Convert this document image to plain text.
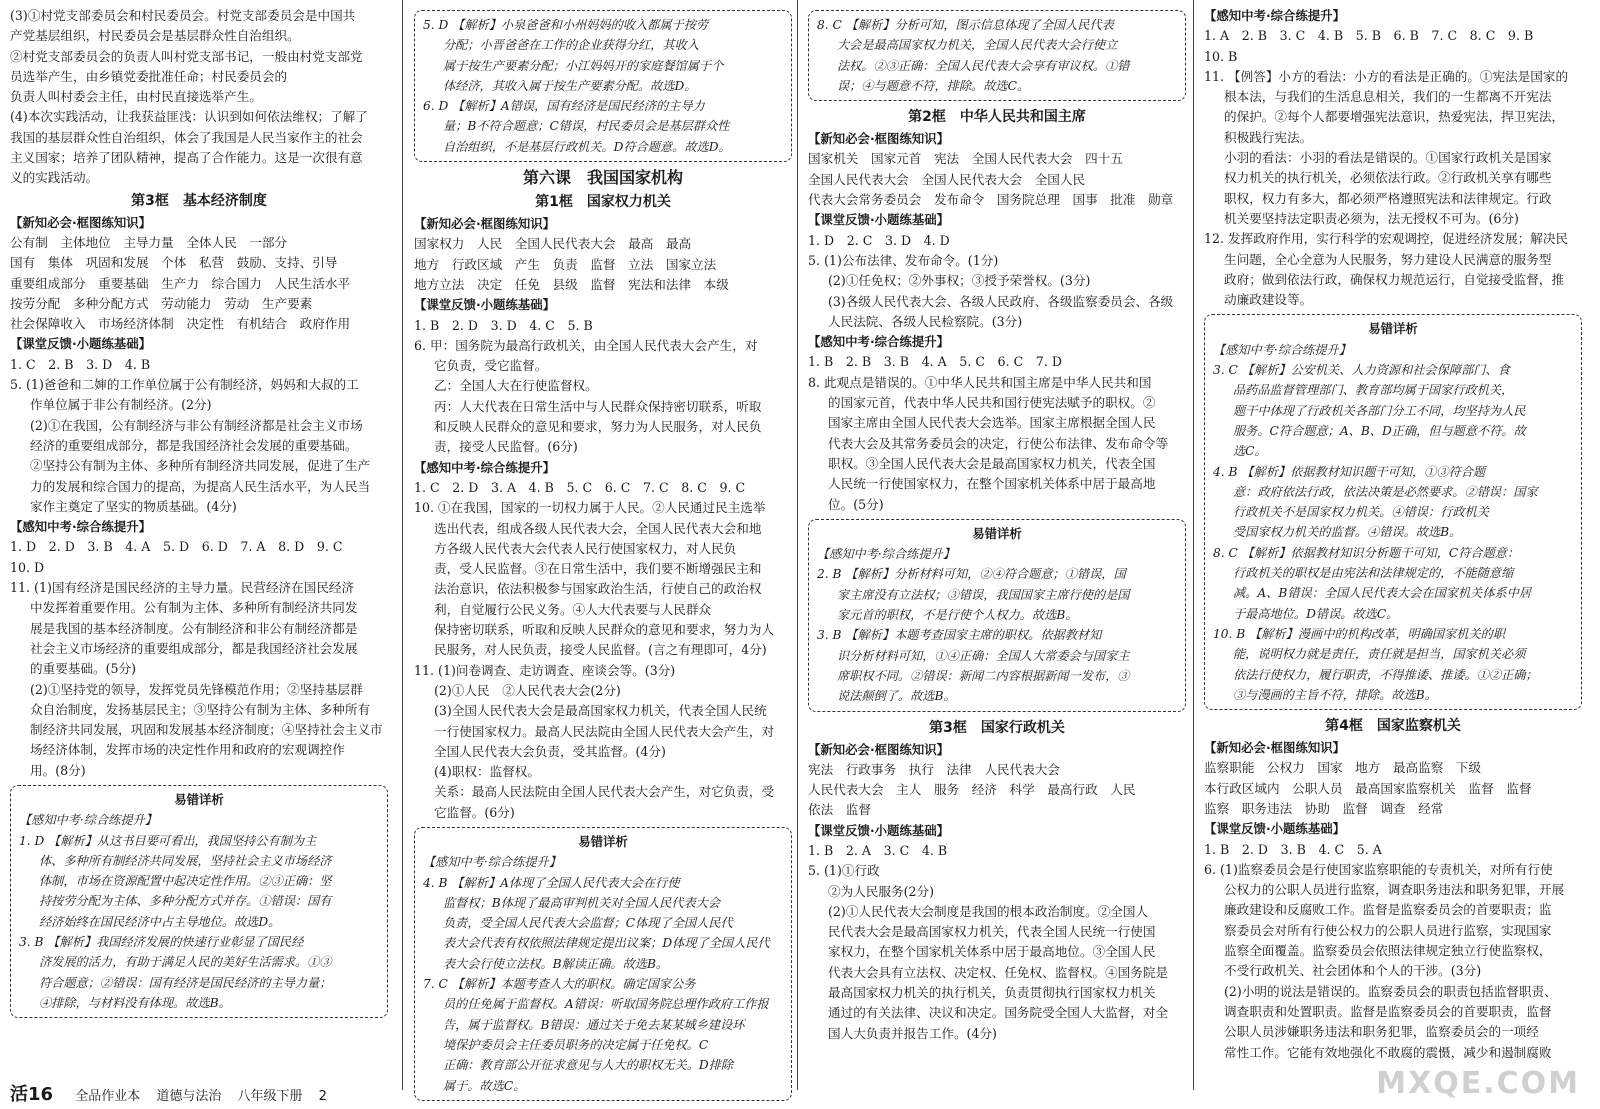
(3)①村党支部委员会和村民委员会。村党支部委员会是中国共
产党基层组织，村民委员会是基层群众性自治组织。
②村党支部委员会的负责人叫村党支部书记，一般由村党支部党
员选举产生，由乡镇党委批准任命；村民委员会的
负责人叫村委会主任，由村民直接选举产生。
(4)本次实践活动，让我获益匪浅：认识到如何依法维权；了解了
我国的基层群众性自治组织，体会了我国是人民当家作主的社会
主义国家；培养了团队精神，提高了合作能力。这是一次很有意
义的实践活动。
第3框　基本经济制度
【新知必会·框图练知识】
公有制　主体地位　主导力量　全体人民　一部分
国有　集体　巩固和发展　个体　私营　鼓励、支持、引导
重要组成部分　重要基础　生产力　综合国力　人民生活水平
按劳分配　多种分配方式　劳动能力　劳动　生产要素
社会保障收入　市场经济体制　决定性　有机结合　政府作用
【课堂反馈·小题练基础】
1. C　2. B　3. D　4. B
5. (1)爸爸和二婶的工作单位属于公有制经济，妈妈和大叔的工
作单位属于非公有制经济。(2分)
(2)①在我国，公有制经济与非公有制经济都是社会主义市场
经济的重要组成部分，都是我国经济社会发展的重要基础。
②坚持公有制为主体、多种所有制经济共同发展，促进了生产
力的发展和综合国力的提高，为提高人民生活水平，为人民当
家作主奠定了坚实的物质基础。(4分)
【感知中考·综合练提升】
1. D　2. D　3. B　4. A　5. D　6. D　7. A　8. D　9. C
10. D
11. (1)国有经济是国民经济的主导力量。民营经济在国民经济
中发挥着重要作用。公有制为主体、多种所有制经济共同发
展是我国的基本经济制度。公有制经济和非公有制经济都是
社会主义市场经济的重要组成部分，都是我国经济社会发展
的重要基础。(5分)
(2)①坚持党的领导，发挥党员先锋模范作用；②坚持基层群
众自治制度，发扬基层民主；③坚持公有制为主体、多种所有
制经济共同发展，巩固和发展基本经济制度；④坚持社会主义市
场经济体制，发挥市场的决定性作用和政府的宏观调控作
用。(8分)
易错详析
【感知中考·综合练提升】
1. D 【解析】从这书目要可看出，我国坚持公有制为主
体、多种所有制经济共同发展，坚持社会主义市场经济
体制，市场在资源配置中起决定性作用。②③正确：坚
持按劳分配为主体、多种分配方式并存。①错误：国有
经济始终在国民经济中占主导地位。故选D。
3. B 【解析】我国经济发展的快速行业彰显了国民经
济发展的活力，有助于满足人民的美好生活需求。①③
符合题意；②错误：国有经济是国民经济的主导力量；
④排除，与材料没有体现。故选B。
5. D 【解析】小泉爸爸和小州妈妈的收入都属于按劳
分配；小晋爸爸在工作的企业获得分红，其收入
属于按生产要素分配；小江妈妈开的家庭餐馆属于个
体经济，其收入属于按生产要素分配。故选D。
6. D 【解析】A错误，国有经济是国民经济的主导力
量；B不符合题意；C错误，村民委员会是基层群众性
自治组织，不是基层行政机关。D符合题意。故选D。
第六课　我国国家机构
第1框　国家权力机关
【新知必会·框图练知识】
国家权力　人民　全国人民代表大会　最高　最高
地方　行政区域　产生　负责　监督　立法　国家立法
地方立法　决定　任免　县级　监督　宪法和法律　本级
【课堂反馈·小题练基础】
1. B　2. D　3. D　4. C　5. B
6. 甲：国务院为最高行政机关，由全国人民代表大会产生，对
它负责，受它监督。
乙：全国人大在行使监督权。
丙：人大代表在日常生活中与人民群众保持密切联系，听取
和反映人民群众的意见和要求，努力为人民服务，对人民负
责，接受人民监督。(6分)
【感知中考·综合练提升】
1. C　2. D　3. A　4. B　5. C　6. C　7. C　8. C　9. C
10. ①在我国，国家的一切权力属于人民。②人民通过民主选举
选出代表，组成各级人民代表大会，全国人民代表大会和地
方各级人民代表大会代表人民行使国家权力，对人民负
责，受人民监督。③在日常生活中，我们要不断增强民主和
法治意识，依法积极参与国家政治生活，行使自己的政治权
利，自觉履行公民义务。④人大代表要与人民群众
保持密切联系，听取和反映人民群众的意见和要求，努力为人
民服务，对人民负责，接受人民监督。(言之有理即可，4分)
11. (1)问卷调查、走访调查、座谈会等。(3分)
(2)①人民　②人民代表大会(2分)
(3)全国人民代表大会是最高国家权力机关，代表全国人民统
一行使国家权力。最高人民法院由全国人民代表大会产生，对
全国人民代表大会负责，受其监督。(4分)
(4)职权：监督权。
关系：最高人民法院由全国人民代表大会产生，对它负责，受
它监督。(6分)
易错详析
【感知中考·综合练提升】
4. B 【解析】A体现了全国人民代表大会在行使
监督权；B体现了最高审判机关对全国人民代表大会
负责，受全国人民代表大会监督；C体现了全国人民代
表大会代表有权依照法律规定提出议案；D体现了全国人民代
表大会行使立法权。B解读正确。故选B。
7. C 【解析】本题考查人大的职权。确定国家公务
员的任免属于监督权。A错误：听取国务院总理作政府工作报
告，属于监督权。B错误：通过关于免去某某城乡建设环
境保护委员会主任委员职务的决定属于任免权。C
正确：教育部公开征求意见与人大的职权无关。D排除
属于。故选C。
8. C 【解析】分析可知，图示信息体现了全国人民代表
大会是最高国家权力机关，全国人民代表大会行使立
法权。②③正确：全国人民代表大会享有审议权。①错
误；④与题意不符，排除。故选C。
第2框　中华人民共和国主席
【新知必会·框图练知识】
国家机关　国家元首　宪法　全国人民代表大会　四十五
全国人民代表大会　全国人民代表大会　全国人民
代表大会常务委员会　发布命令　国务院总理　国事　批准　勋章
【课堂反馈·小题练基础】
1. D　2. C　3. D　4. D
5. (1)公布法律、发布命令。(1分)
(2)①任免权；②外事权；③授予荣誉权。(3分)
(3)各级人民代表大会、各级人民政府、各级监察委员会、各级
人民法院、各级人民检察院。(3分)
【感知中考·综合练提升】
1. B　2. B　3. B　4. A　5. C　6. C　7. D
8. 此观点是错误的。①中华人民共和国主席是中华人民共和国
的国家元首，代表中华人民共和国行使宪法赋予的职权。②
国家主席由全国人民代表大会选举。国家主席根据全国人民
代表大会及其常务委员会的决定，行使公布法律、发布命令等
职权。③全国人民代表大会是最高国家权力机关，代表全国
人民统一行使国家权力，在整个国家机关体系中居于最高地
位。(5分)
易错详析
【感知中考·综合练提升】
2. B 【解析】分析材料可知，②④符合题意；①错误，国
家主席没有立法权；③错误，我国国家主席行使的是国
家元首的职权，不是行使个人权力。故选B。
3. B 【解析】本题考查国家主席的职权。依据教材知
识分析材料可知，①④正确：全国人大常委会与国家主
席职权不同。②错误：新闻二内容根据新闻一发布，③
说法颠倒了。故选B。
第3框　国家行政机关
【新知必会·框图练知识】
宪法　行政事务　执行　法律　人民代表大会
人民代表大会　主人　服务　经济　科学　最高行政　人民
依法　监督
【课堂反馈·小题练基础】
1. B　2. A　3. C　4. B
5. (1)①行政
②为人民服务(2分)
(2)①人民代表大会制度是我国的根本政治制度。②全国人
民代表大会是最高国家权力机关，代表全国人民统一行使国
家权力，在整个国家机关体系中居于最高地位。③全国人民
代表大会具有立法权、决定权、任免权、监督权。④国务院是
最高国家权力机关的执行机关，负责贯彻执行国家权力机关
通过的有关法律、决议和决定。国务院受全国人大监督，对全
国人大负责并报告工作。(4分)
【感知中考·综合练提升】
1. A　2. B　3. C　4. B　5. B　6. B　7. C　8. C　9. B
10. B
11. 【例答】小方的看法：小方的看法是正确的。①宪法是国家的
根本法，与我们的生活息息相关，我们的一生都离不开宪法
的保护。②每个人都要增强宪法意识，热爱宪法，捍卫宪法，
积极践行宪法。
小羽的看法：小羽的看法是错误的。①国家行政机关是国家
权力机关的执行机关，必须依法行政。②行政机关享有哪些
职权，权力有多大，都必须严格遵照宪法和法律规定。行政
机关要坚持法定职责必须为，法无授权不可为。(6分)
12. 发挥政府作用，实行科学的宏观调控，促进经济发展；解决民
生问题，全心全意为人民服务，努力建设人民满意的服务型
政府；做到依法行政，确保权力规范运行，自觉接受监督，推
动廉政建设等。
易错详析
【感知中考·综合练提升】
3. C 【解析】公安机关、人力资源和社会保障部门、食
品药品监督管理部门、教育部均属于国家行政机关，
题干中体现了行政机关各部门分工不同，均坚持为人民
服务。C符合题意；A、B、D正确，但与题意不符。故
选C。
4. B 【解析】依据教材知识题干可知，①③符合题
意：政府依法行政，依法决策是必然要求。②错误：国家
行政机关不是国家权力机关。④错误：行政机关
受国家权力机关的监督。④错误。故选B。
8. C 【解析】依据教材知识分析题干可知，C符合题意：
行政机关的职权是由宪法和法律规定的，不能随意缩
减。A、B错误：全国人民代表大会在国家机关体系中居
于最高地位。D错误。故选C。
10. B 【解析】漫画中的机构改革，明确国家机关的职
能，说明权力就是责任，责任就是担当，国家机关必须
依法行使权力，履行职责，不得推诿、推诿。①②正确；
③与漫画的主旨不符，排除。故选B。
第4框　国家监察机关
【新知必会·框图练知识】
监察职能　公权力　国家　地方　最高监察　下级
本行政区域内　公职人员　最高国家监察机关　监督　监督
监察　职务违法　协助　监督　调查　经常
【课堂反馈·小题练基础】
1. B　2. D　3. B　4. C　5. A
6. (1)监察委员会是行使国家监察职能的专责机关，对所有行使
公权力的公职人员进行监察，调查职务违法和职务犯罪，开展
廉政建设和反腐败工作。监督是监察委员会的首要职责；监
察委员会对所有行使公权力的公职人员进行监察，实现国家
监察全面覆盖。监察委员会依照法律规定独立行使监察权，
不受行政机关、社会团体和个人的干涉。(3分)
(2)小明的说法是错误的。监察委员会的职责包括监督职责、
调查职责和处置职责。监督是监察委员会的首要职责，监督
公职人员涉嫌职务违法和职务犯罪，监察委员会的一项经
常性工作。它能有效地强化不敢腐的震慑，减少和遏制腐败
活16 全品作业本 道德与法治 八年级下册 2	MXQE.COM
